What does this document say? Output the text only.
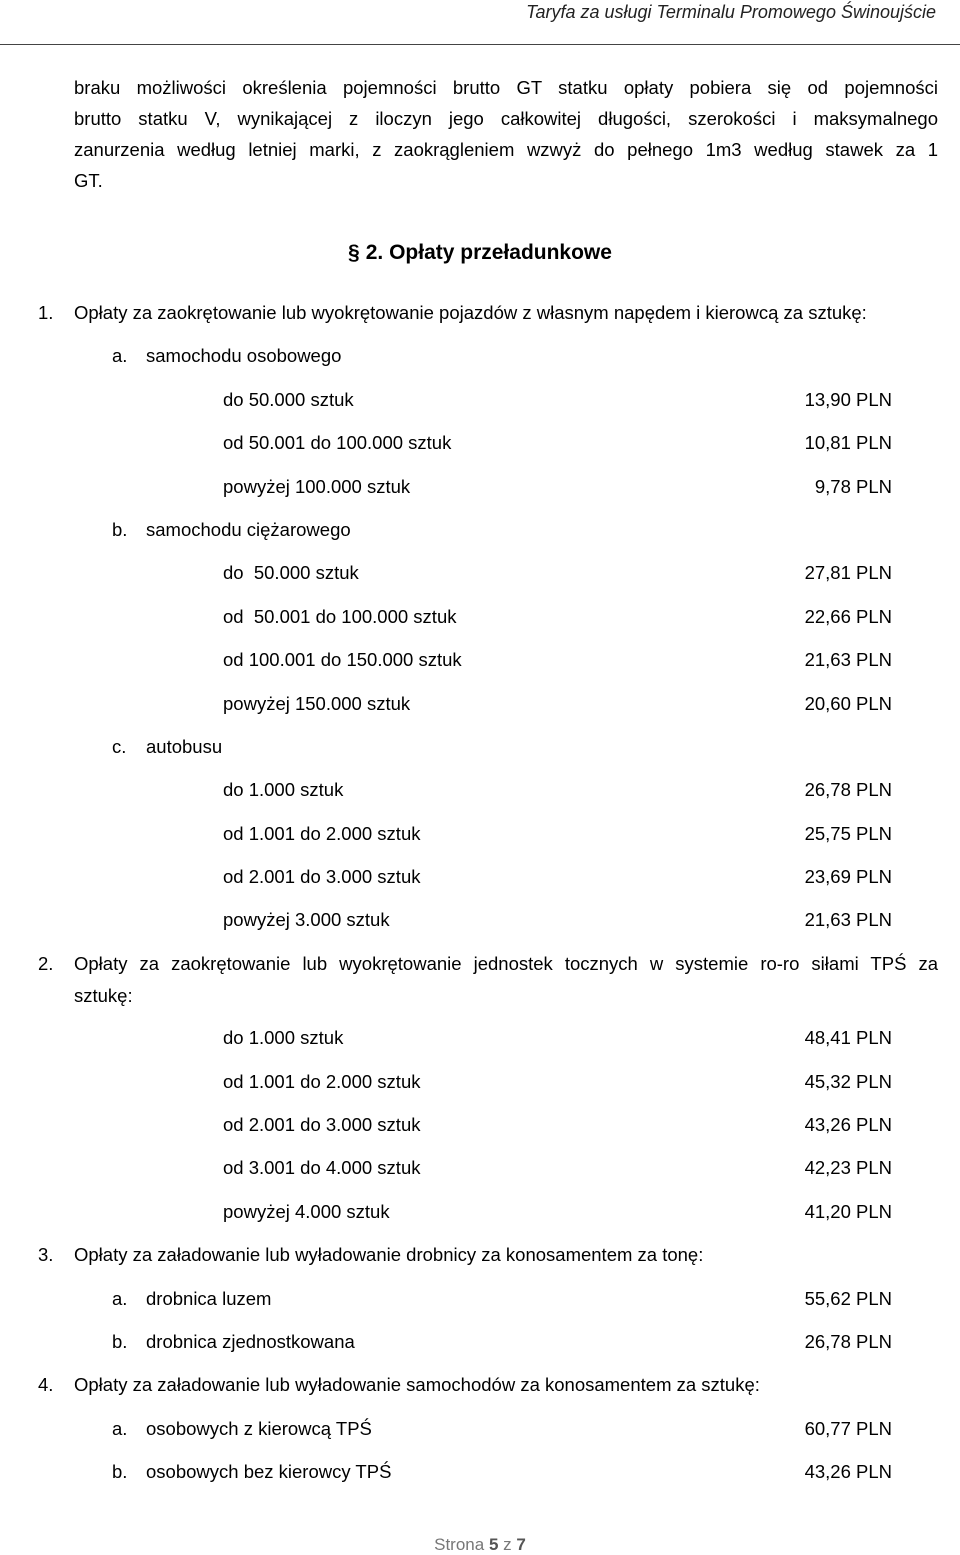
Taryfa za usługi Terminalu Promowego Świnoujście
braku możliwości określenia pojemności brutto GT statku opłaty pobiera się od pojemności
brutto statku V, wynikającej z iloczyn jego całkowitej długości, szerokości i maksymalnego
zanurzenia według letniej marki, z zaokrągleniem wzwyż do pełnego 1m3 według stawek za 1
GT.
§ 2. Opłaty przeładunkowe
1. Opłaty za zaokrętowanie lub wyokrętowanie pojazdów z własnym napędem i kierowcą za sztukę:
a. samochodu osobowego
do 50.000 sztuk	13,90 PLN
od 50.001 do 100.000 sztuk	10,81 PLN
powyżej 100.000 sztuk	9,78 PLN
b. samochodu ciężarowego
do  50.000 sztuk	27,81 PLN
od  50.001 do 100.000 sztuk	22,66 PLN
od 100.001 do 150.000 sztuk	21,63 PLN
powyżej 150.000 sztuk	20,60 PLN
c. autobusu
do 1.000 sztuk	26,78 PLN
od 1.001 do 2.000 sztuk	25,75 PLN
od 2.001 do 3.000 sztuk	23,69 PLN
powyżej 3.000 sztuk	21,63 PLN
2. Opłaty za zaokrętowanie lub wyokrętowanie jednostek tocznych w systemie ro-ro siłami TPŚ za
sztukę:
do 1.000 sztuk	48,41 PLN
od 1.001 do 2.000 sztuk	45,32 PLN
od 2.001 do 3.000 sztuk	43,26 PLN
od 3.001 do 4.000 sztuk	42,23 PLN
powyżej 4.000 sztuk	41,20 PLN
3. Opłaty za załadowanie lub wyładowanie drobnicy za konosamentem za tonę:
a. drobnica luzem	55,62 PLN
b. drobnica zjednostkowana	26,78 PLN
4. Opłaty za załadowanie lub wyładowanie samochodów za konosamentem za sztukę:
a. osobowych z kierowcą TPŚ	60,77 PLN
b. osobowych bez kierowcy TPŚ	43,26 PLN
Strona 5 z 7
